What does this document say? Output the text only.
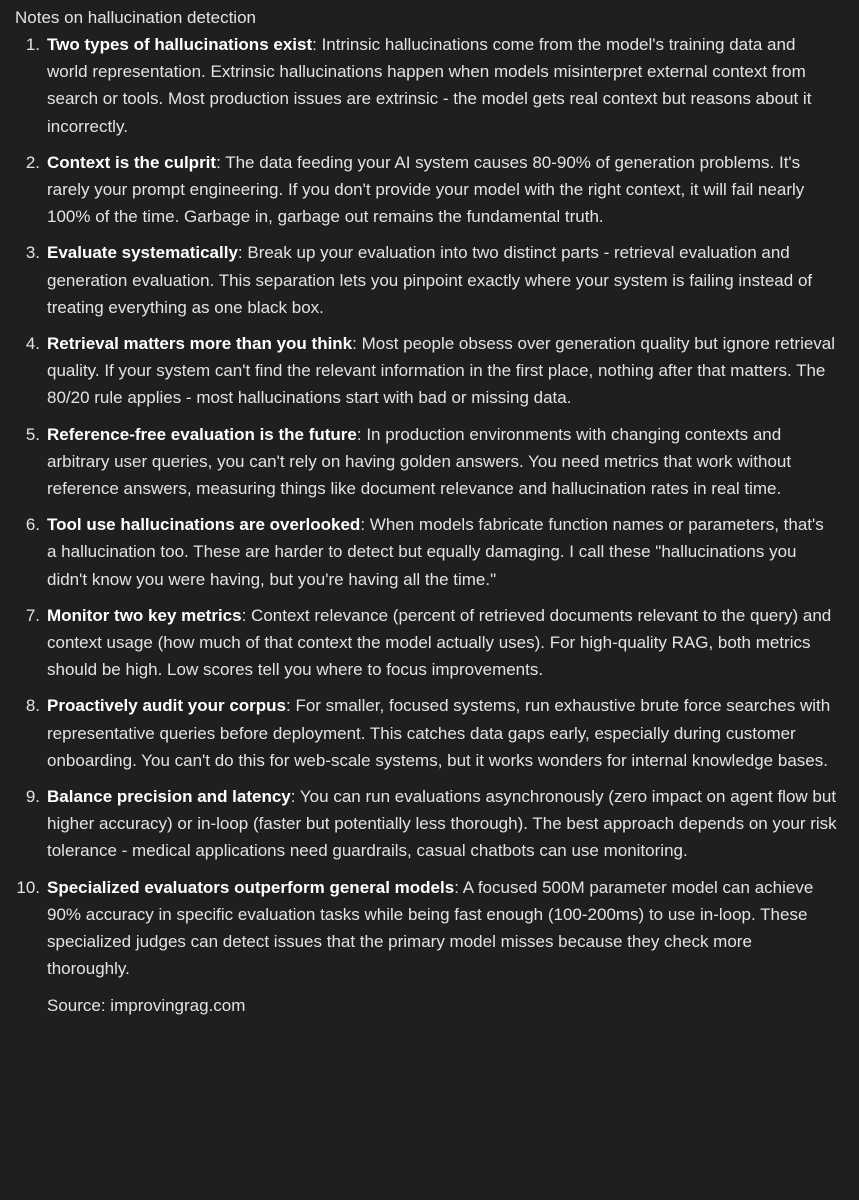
Notes on hallucination detection
1. Two types of hallucinations exist: Intrinsic hallucinations come from the model's training data and world representation. Extrinsic hallucinations happen when models misinterpret external context from search or tools. Most production issues are extrinsic - the model gets real context but reasons about it incorrectly.
2. Context is the culprit: The data feeding your AI system causes 80-90% of generation problems. It's rarely your prompt engineering. If you don't provide your model with the right context, it will fail nearly 100% of the time. Garbage in, garbage out remains the fundamental truth.
3. Evaluate systematically: Break up your evaluation into two distinct parts - retrieval evaluation and generation evaluation. This separation lets you pinpoint exactly where your system is failing instead of treating everything as one black box.
4. Retrieval matters more than you think: Most people obsess over generation quality but ignore retrieval quality. If your system can't find the relevant information in the first place, nothing after that matters. The 80/20 rule applies - most hallucinations start with bad or missing data.
5. Reference-free evaluation is the future: In production environments with changing contexts and arbitrary user queries, you can't rely on having golden answers. You need metrics that work without reference answers, measuring things like document relevance and hallucination rates in real time.
6. Tool use hallucinations are overlooked: When models fabricate function names or parameters, that's a hallucination too. These are harder to detect but equally damaging. I call these "hallucinations you didn't know you were having, but you're having all the time."
7. Monitor two key metrics: Context relevance (percent of retrieved documents relevant to the query) and context usage (how much of that context the model actually uses). For high-quality RAG, both metrics should be high. Low scores tell you where to focus improvements.
8. Proactively audit your corpus: For smaller, focused systems, run exhaustive brute force searches with representative queries before deployment. This catches data gaps early, especially during customer onboarding. You can't do this for web-scale systems, but it works wonders for internal knowledge bases.
9. Balance precision and latency: You can run evaluations asynchronously (zero impact on agent flow but higher accuracy) or in-loop (faster but potentially less thorough). The best approach depends on your risk tolerance - medical applications need guardrails, casual chatbots can use monitoring.
10. Specialized evaluators outperform general models: A focused 500M parameter model can achieve 90% accuracy in specific evaluation tasks while being fast enough (100-200ms) to use in-loop. These specialized judges can detect issues that the primary model misses because they check more thoroughly.

Source: improvingrag.com
